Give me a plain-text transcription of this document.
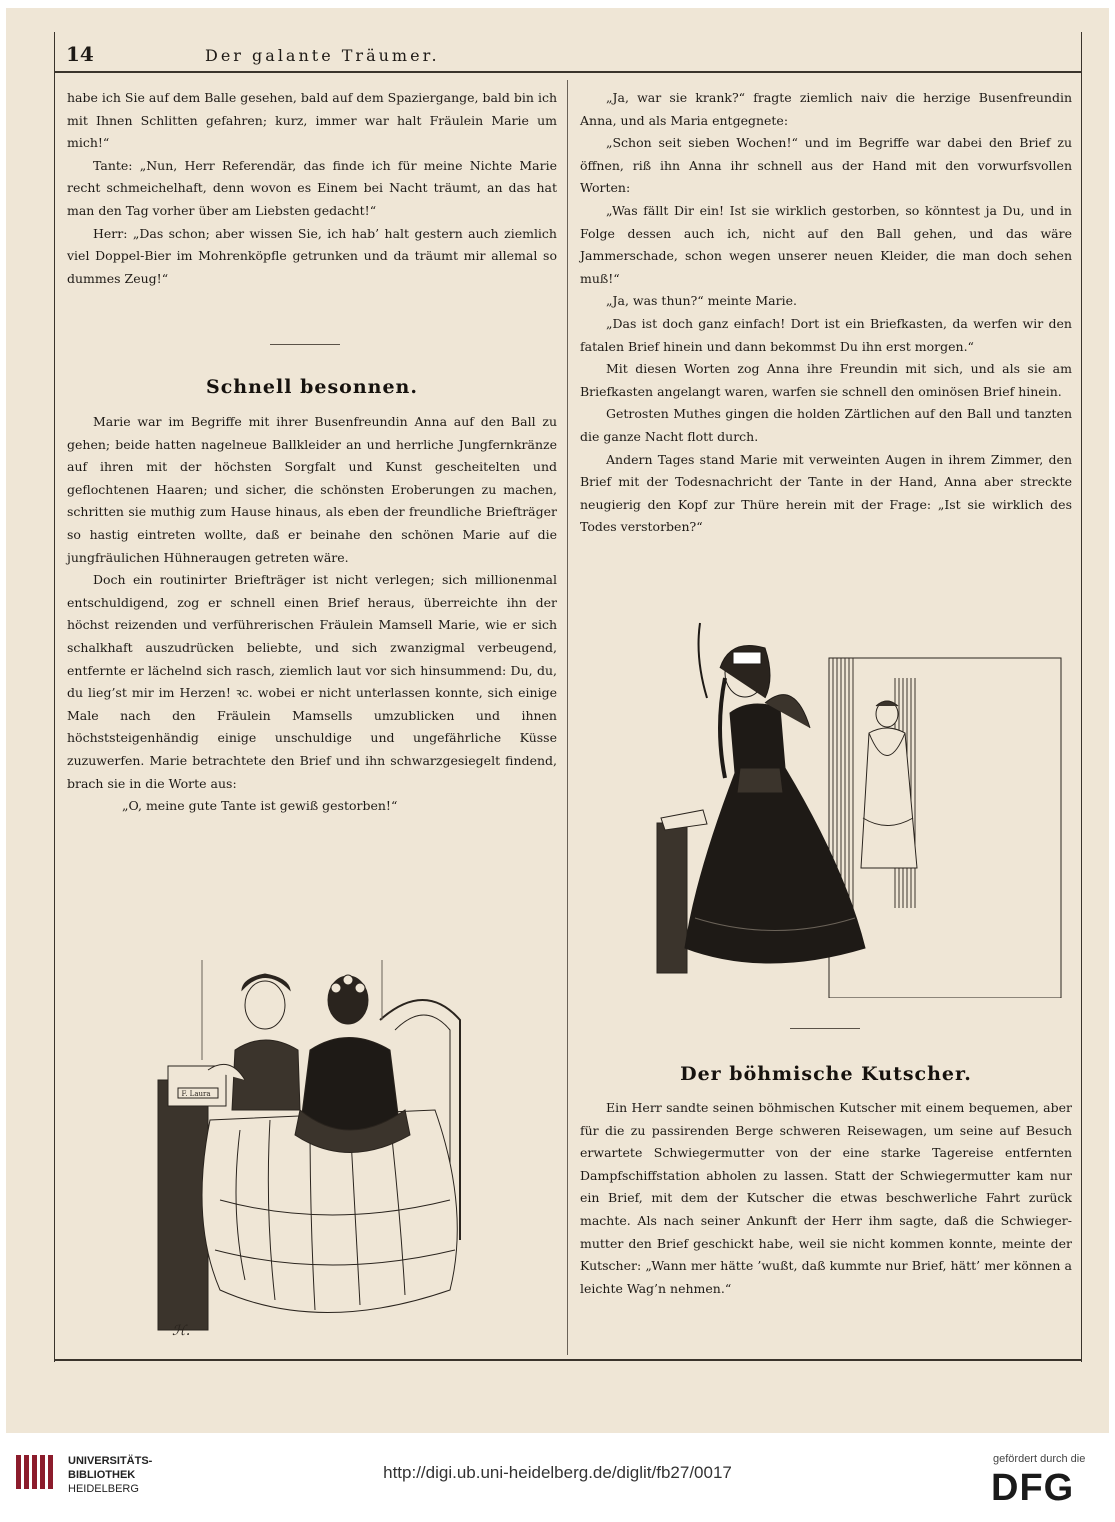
14	Der galante Träumer.

habe ich Sie auf dem Balle gesehen, bald auf dem Spaziergange, bald bin ich mit Ihnen Schlitten gefahren; kurz, immer war halt Fräulein Marie um mich!“

Tante: „Nun, Herr Referendär, das finde ich für meine Nichte Marie recht schmeichelhaft, denn wovon es Einem bei Nacht träumt, an das hat man den Tag vorher über am Liebsten gedacht!“

Herr: „Das schon; aber wissen Sie, ich hab’ halt gestern auch ziemlich viel Doppel-Bier im Mohrenköpfle getrunken und da träumt mir allemal so dummes Zeug!“

Schnell besonnen.

Marie war im Begriffe mit ihrer Busenfreundin Anna auf den Ball zu gehen; beide hatten nagelneue Ballkleider an und herrliche Jungfernkränze auf ihren mit der höchsten Sorgfalt und Kunst gescheitelten und geflochtenen Haaren; und sicher, die schönsten Eroberungen zu machen, schritten sie muthig zum Hause hinaus, als eben der freundliche Briefträger so hastig eintreten wollte, daß er beinahe den schönen Marie auf die jungfräulichen Hühneraugen getreten wäre.

Doch ein routinirter Briefträger ist nicht verlegen; sich millionenmal entschuldigend, zog er schnell einen Brief heraus, überreichte ihn der höchst reizenden und verführerischen Fräulein Mamsell Marie, wie er sich schalkhaft auszudrücken beliebte, und sich zwanzigmal verbeugend, entfernte er lächelnd sich rasch, ziemlich laut vor sich hinsummend: Du, du, du lieg’st mir im Herzen! ꝛc. wobei er nicht unterlassen konnte, sich einige Male nach den Fräulein Mamsells umzublicken und ihnen höchststeigenhändig einige unschuldige und ungefährliche Küsse zuzuwerfen. Marie betrachtete den Brief und ihn schwarzgesiegelt findend, brach sie in die Worte aus:

„O, meine gute Tante ist gewiß gestorben!“

F. Laura
ℋ.

„Ja, war sie krank?“ fragte ziemlich naiv die herzige Busenfreundin Anna, und als Maria entgegnete:

„Schon seit sieben Wochen!“ und im Begriffe war dabei den Brief zu öffnen, riß ihn Anna ihr schnell aus der Hand mit den vorwurfsvollen Worten:

„Was fällt Dir ein! Ist sie wirklich gestorben, so könntest ja Du, und in Folge dessen auch ich, nicht auf den Ball gehen, und das wäre Jammerschade, schon wegen unserer neuen Kleider, die man doch sehen muß!“

„Ja, was thun?“ meinte Marie.

„Das ist doch ganz einfach! Dort ist ein Briefkasten, da werfen wir den fatalen Brief hinein und dann bekommst Du ihn erst morgen.“

Mit diesen Worten zog Anna ihre Freundin mit sich, und als sie am Briefkasten angelangt waren, warfen sie schnell den ominösen Brief hinein.

Getrosten Muthes gingen die holden Zärtlichen auf den Ball und tanzten die ganze Nacht flott durch.

Andern Tages stand Marie mit verweinten Augen in ihrem Zimmer, den Brief mit der Todesnachricht der Tante in der Hand, Anna aber streckte neugierig den Kopf zur Thüre herein mit der Frage: „Ist sie wirklich des Todes verstorben?“

Der böhmische Kutscher.

Ein Herr sandte seinen böhmischen Kutscher mit einem bequemen, aber für die zu passirenden Berge schweren Reisewagen, um seine auf Besuch erwartete Schwiegermutter von der eine starke Tagereise entfernten Dampfschiffstation abholen zu lassen. Statt der Schwiegermutter kam nur ein Brief, mit dem der Kutscher die etwas beschwerliche Fahrt zurück machte. Als nach seiner Ankunft der Herr ihm sagte, daß die Schwiegermutter den Brief geschickt habe, weil sie nicht kommen konnte, meinte der Kutscher: „Wann mer hätte ’wußt, daß kummte nur Brief, hätt’ mer können a leichte Wag’n nehmen.“

UNIVERSITÄTS-
BIBLIOTHEK
HEIDELBERG
http://digi.ub.uni-heidelberg.de/diglit/fb27/0017
gefördert durch die
DFG
